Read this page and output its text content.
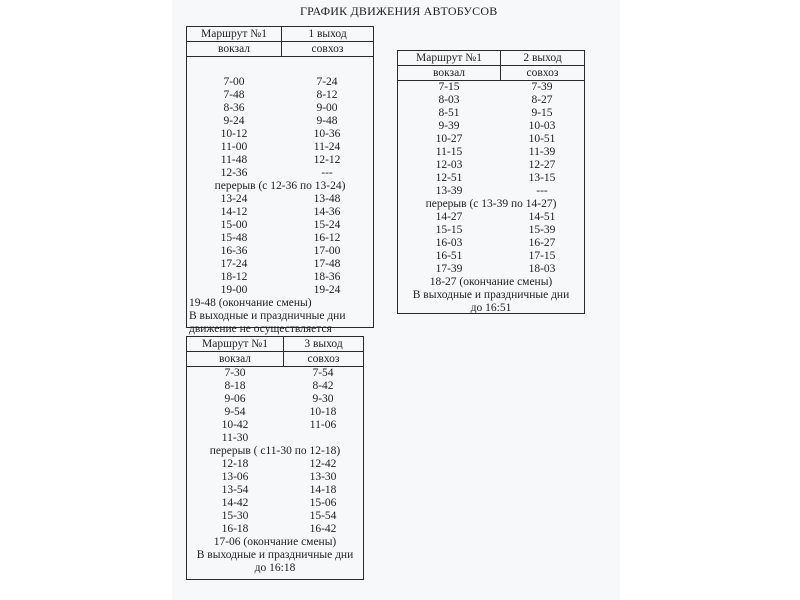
ГРАФИК ДВИЖЕНИЯ АВТОБУСОВ
Маршрут №1	1 выход
вокзал	совхоз
7-00	7-24
7-48	8-12
8-36	9-00
9-24	9-48
10-12	10-36
11-00	11-24
11-48	12-12
12-36	---
перерыв (с 12-36 по 13-24)
13-24	13-48
14-12	14-36
15-00	15-24
15-48	16-12
16-36	17-00
17-24	17-48
18-12	18-36
19-00	19-24
19-48 (окончание смены)
В выходные и праздничные дни
движение не осуществляется
Маршрут №1	2 выход
вокзал	совхоз
7-15	7-39
8-03	8-27
8-51	9-15
9-39	10-03
10-27	10-51
11-15	11-39
12-03	12-27
12-51	13-15
13-39	---
перерыв (с 13-39 по 14-27)
14-27	14-51
15-15	15-39
16-03	16-27
16-51	17-15
17-39	18-03
18-27 (окончание смены)
В выходные и праздничные дни
до 16:51
Маршрут №1	3 выход
вокзал	совхоз
7-30	7-54
8-18	8-42
9-06	9-30
9-54	10-18
10-42	11-06
11-30
перерыв ( с11-30 по 12-18)
12-18	12-42
13-06	13-30
13-54	14-18
14-42	15-06
15-30	15-54
16-18	16-42
17-06 (окончание смены)
В выходные и праздничные дни
до 16:18
